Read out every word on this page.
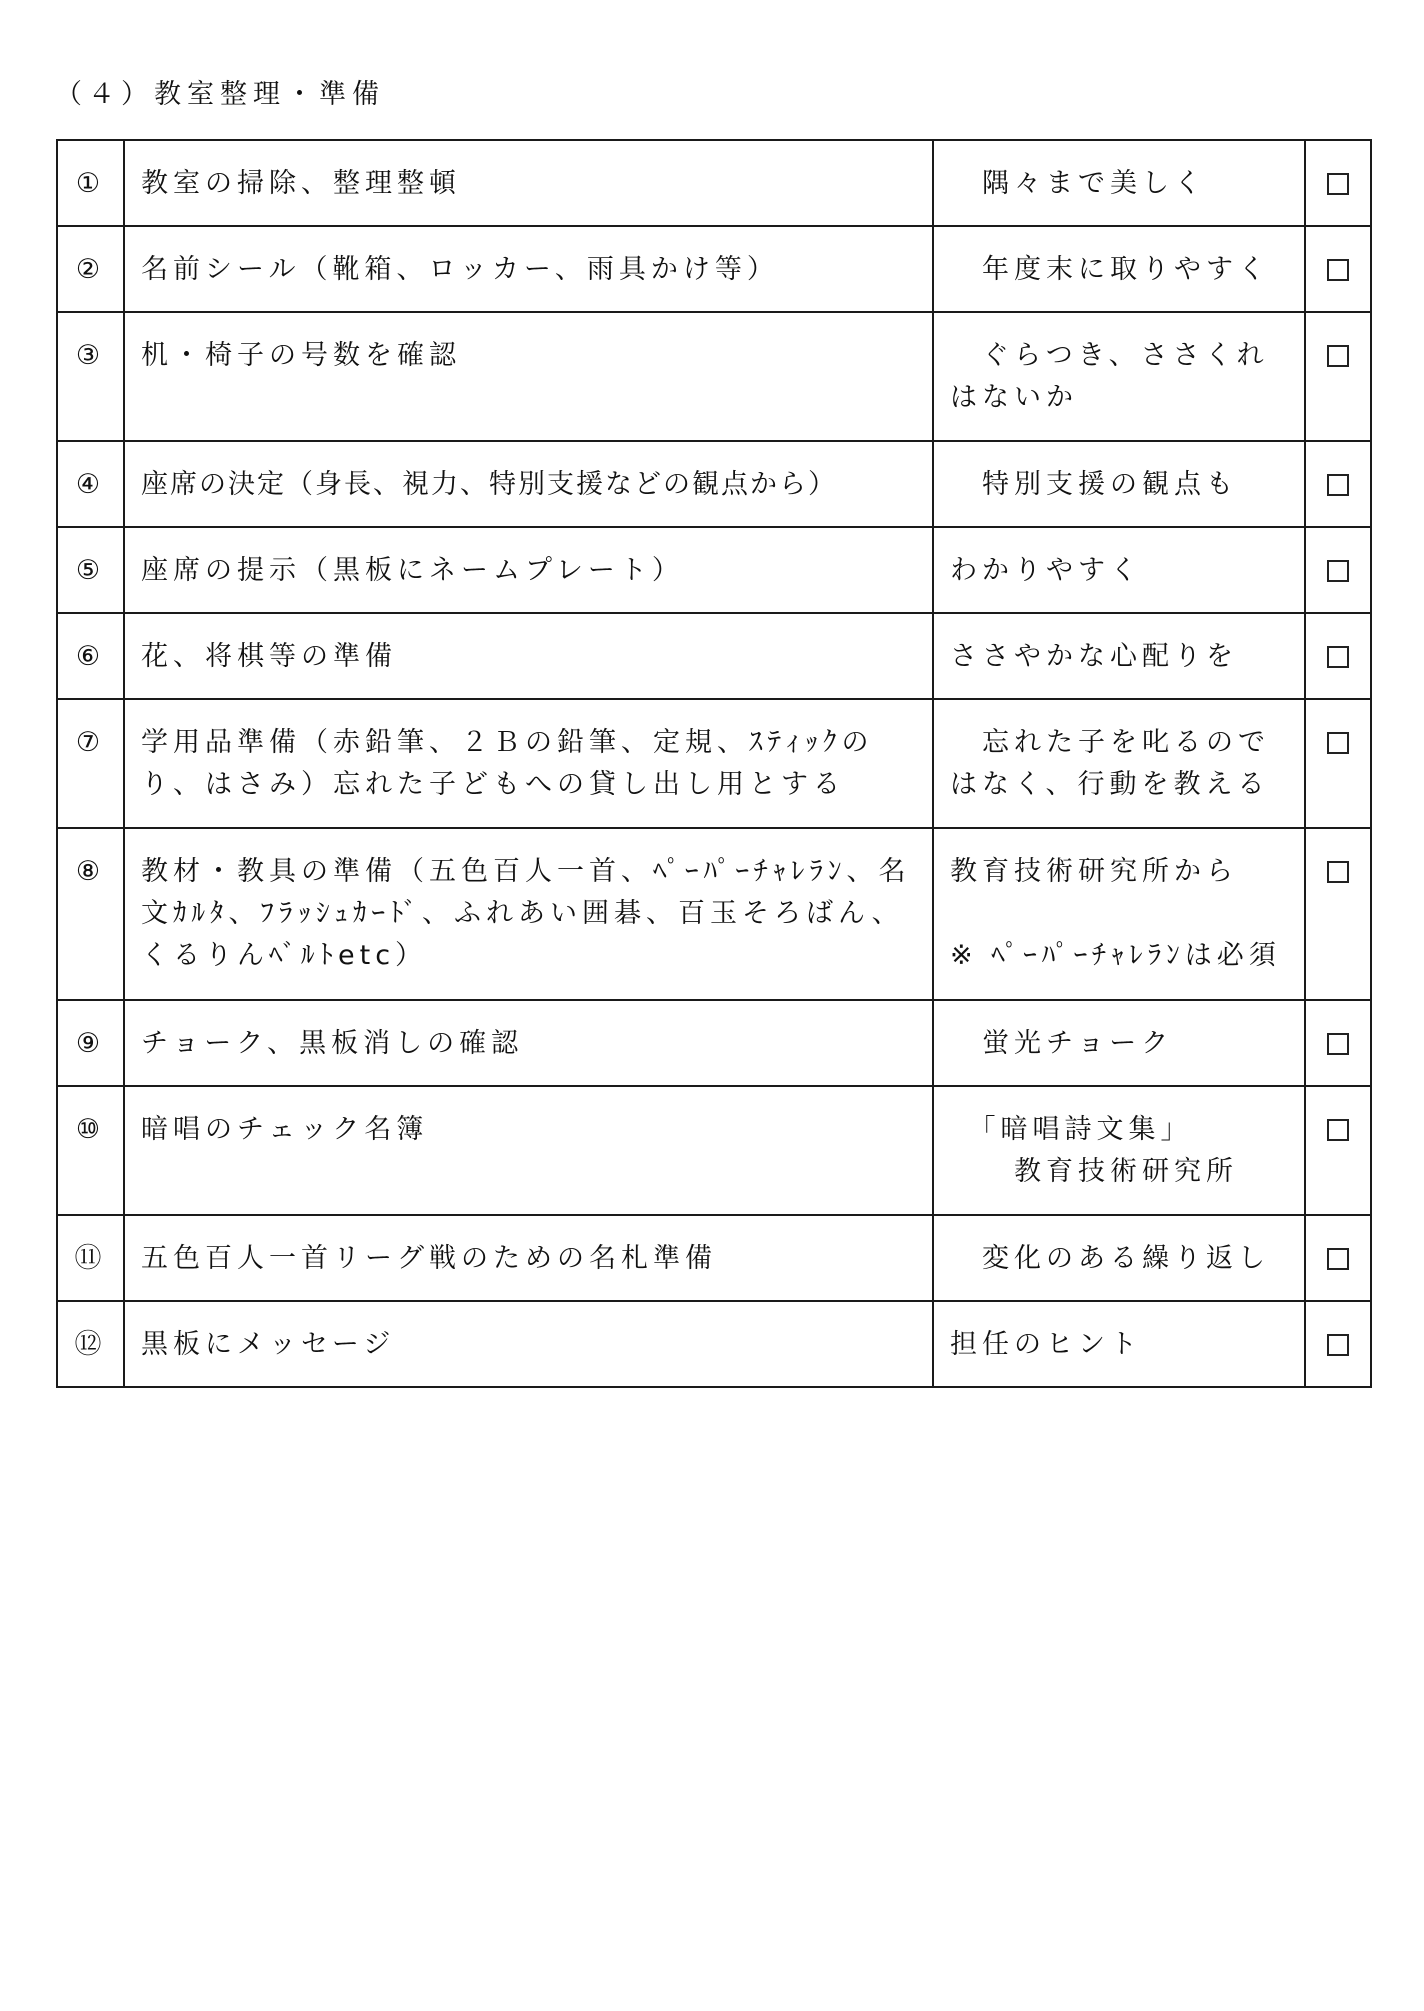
（４）教室整理・準備
①	教室の掃除、整理整頓	　隅々まで美しく	
②	名前シール（靴箱、ロッカー、雨具かけ等）	　年度末に取りやすく	
③	机・椅子の号数を確認	　ぐらつき、ささくれ
はないか	
④	座席の決定（身長、視力、特別支援などの観点から）	　特別支援の観点も	
⑤	座席の提示（黒板にネームプレート）	わかりやすく	
⑥	花、将棋等の準備	ささやかな心配りを	
⑦	学用品準備（赤鉛筆、２Ｂの鉛筆、定規、ｽﾃｨｯｸのり、はさみ）忘れた子どもへの貸し出し用とする	　忘れた子を叱るので
はなく、行動を教える	
⑧	教材・教具の準備（五色百人一首、ﾍﾟｰﾊﾟｰﾁｬﾚﾗﾝ、名文ｶﾙﾀ、ﾌﾗｯｼｭｶｰﾄﾞ、ふれあい囲碁、百玉そろばん、くるりんﾍﾞﾙﾄetc）	教育技術研究所から

※ ﾍﾟｰﾊﾟｰﾁｬﾚﾗﾝは必須	
⑨	チョーク、黒板消しの確認	　蛍光チョーク	
⑩	暗唱のチェック名簿	　「暗唱詩文集」
　　教育技術研究所	
⑪	五色百人一首リーグ戦のための名札準備	　変化のある繰り返し	
⑫	黒板にメッセージ	担任のヒント	
